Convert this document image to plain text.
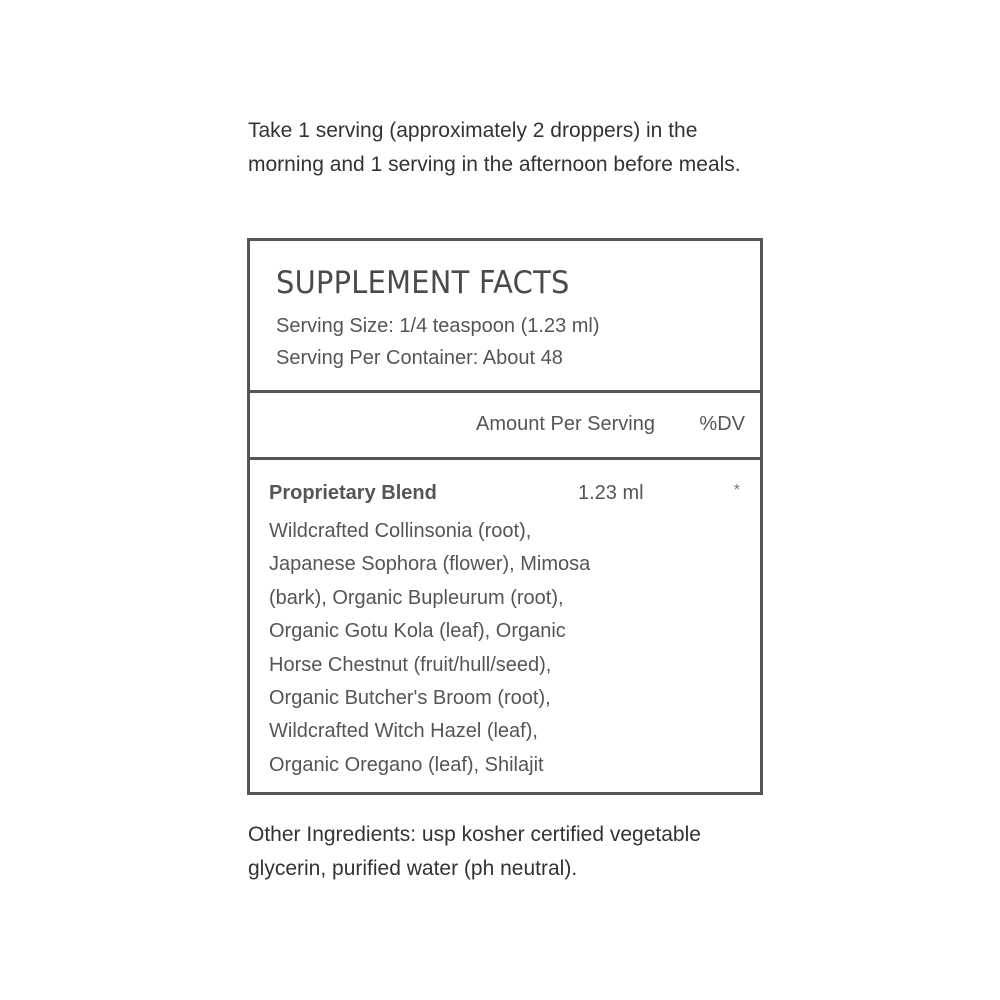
Take 1 serving (approximately 2 droppers) in the morning and 1 serving in the afternoon before meals.

SUPPLEMENT FACTS
Serving Size: 1/4 teaspoon (1.23 ml)
Serving Per Container: About 48
Amount Per Serving %DV
Proprietary Blend	1.23 ml	*
Wildcrafted Collinsonia (root),
Japanese Sophora (flower), Mimosa
(bark), Organic Bupleurum (root),
Organic Gotu Kola (leaf), Organic
Horse Chestnut (fruit/hull/seed),
Organic Butcher's Broom (root),
Wildcrafted Witch Hazel (leaf),
Organic Oregano (leaf), Shilajit

Other Ingredients: usp kosher certified vegetable glycerin, purified water (ph neutral).
